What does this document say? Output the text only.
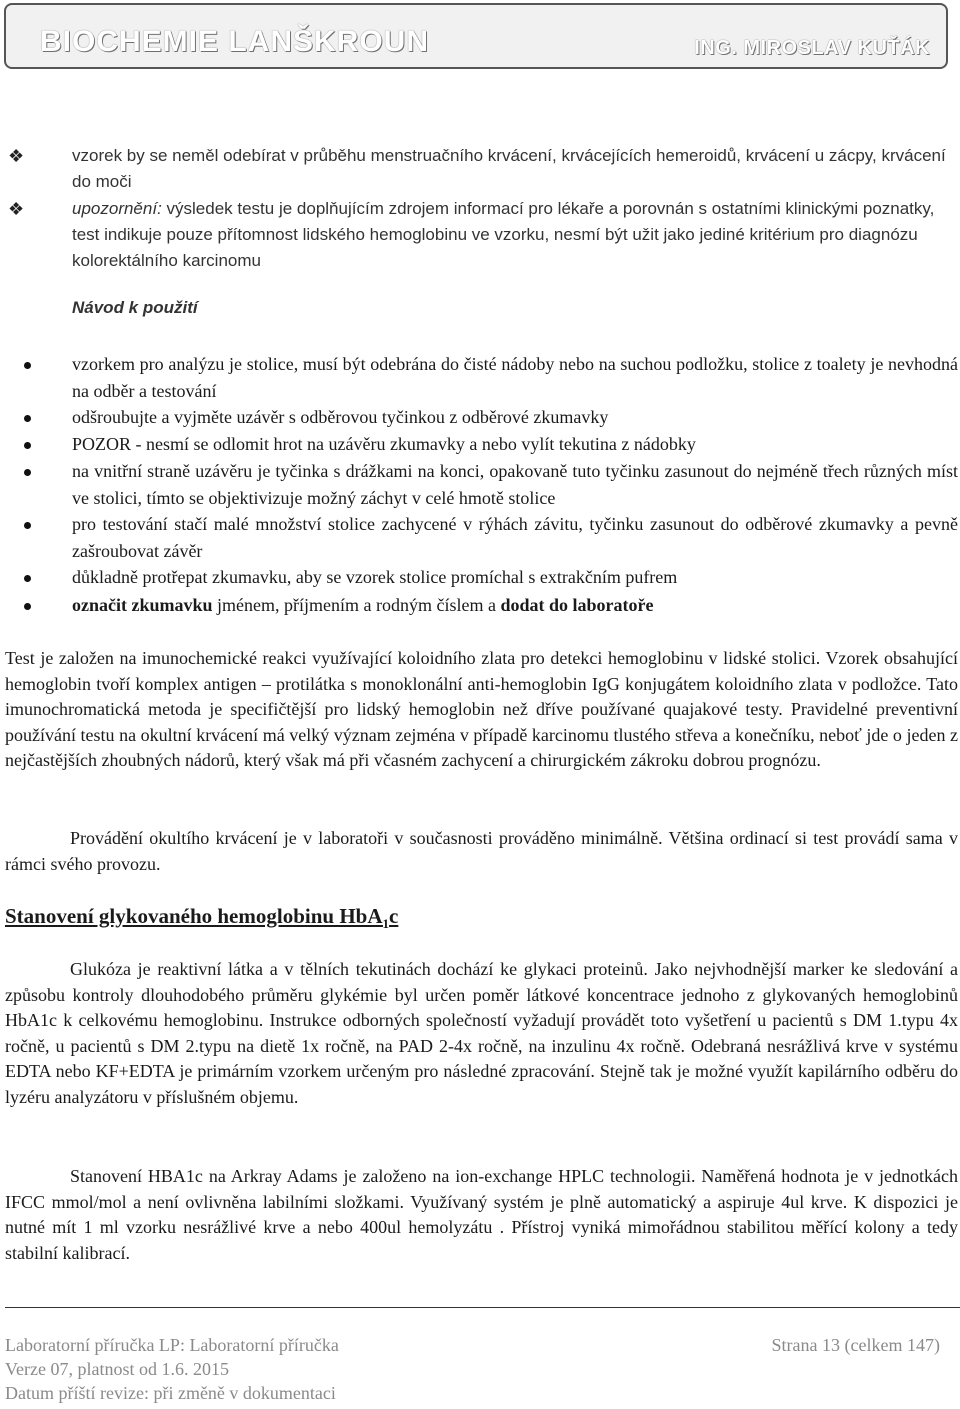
BIOCHEMIE LANŠKROUN	ING. MIROSLAV KUŤÁK
❖	vzorek by se neměl odebírat v průběhu menstruačního krvácení, krvácejících hemeroidů, krvácení u zácpy, krvácení do moči
❖	upozornění: výsledek testu je doplňujícím zdrojem informací pro lékaře a porovnán s ostatními klinickými poznatky, test indikuje pouze přítomnost lidského hemoglobinu ve vzorku, nesmí být užit jako jediné kritérium pro diagnózu kolorektálního karcinomu
Návod k použití
vzorkem pro analýzu je stolice, musí být odebrána do čisté nádoby nebo na suchou podložku, stolice z toalety je nevhodná na odběr a testování
odšroubujte a vyjměte uzávěr s odběrovou tyčinkou z odběrové zkumavky
POZOR - nesmí se odlomit hrot na uzávěru zkumavky a nebo vylít tekutina z nádobky
na vnitřní straně uzávěru je tyčinka s drážkami na konci, opakovaně tuto tyčinku zasunout do nejméně třech různých míst ve stolici, tímto se objektivizuje možný záchyt v celé hmotě stolice
pro testování stačí malé množství stolice zachycené v rýhách závitu, tyčinku zasunout do odběrové zkumavky a pevně zašroubovat závěr
důkladně protřepat zkumavku, aby se vzorek stolice promíchal s extrakčním pufrem
označit zkumavku jménem, příjmením a rodným číslem a dodat do laboratoře

Test je založen na imunochemické reakci využívající koloidního zlata pro detekci hemoglobinu v lidské stolici. Vzorek obsahující hemoglobin tvoří komplex antigen – protilátka s monoklonální anti-hemoglobin IgG konjugátem koloidního zlata v podložce. Tato imunochromatická metoda je specifičtější pro lidský hemoglobin než dříve používané quajakové testy. Pravidelné preventivní používání testu na okultní krvácení má velký význam zejména v případě karcinomu tlustého střeva a konečníku, neboť jde o jeden z nejčastějších zhoubných nádorů, který však má při včasném zachycení a chirurgickém zákroku dobrou prognózu.

Provádění okultího krvácení je v laboratoři v současnosti prováděno minimálně. Většina ordinací si test provádí sama v rámci svého provozu.

Stanovení glykovaného hemoglobinu HbA$_1$c

Glukóza je reaktivní látka a v tělních tekutinách dochází ke glykaci proteinů. Jako nejvhodnější marker ke sledování a způsobu kontroly dlouhodobého průměru glykémie byl určen poměr látkové koncentrace jednoho z glykovaných hemoglobinů HbA1c k celkovému hemoglobinu. Instrukce odborných společností vyžadují provádět toto vyšetření u pacientů s DM 1.typu 4x ročně, u pacientů s DM 2.typu na dietě 1x ročně, na PAD 2-4x ročně, na inzulinu 4x ročně. Odebraná nesrážlivá krve v systému EDTA nebo KF+EDTA je primárním vzorkem určeným pro následné zpracování. Stejně tak je možné využít kapilárního odběru do lyzéru analyzátoru v příslušném objemu.

Stanovení HBA1c na Arkray Adams je založeno na ion-exchange HPLC technologii. Naměřená hodnota je v jednotkách IFCC mmol/mol a není ovlivněna labilními složkami. Využívaný systém je plně automatický a aspiruje 4ul krve. K dispozici je nutné mít 1 ml vzorku nesrážlivé krve a nebo 400ul hemolyzátu . Přístroj vyniká mimořádnou stabilitou měřící kolony a tedy stabilní kalibrací.

Laboratorní příručka LP: Laboratorní příručka	Strana 13 (celkem 147)
Verze 07, platnost od 1.6. 2015
Datum příští revize: při změně v dokumentaci
